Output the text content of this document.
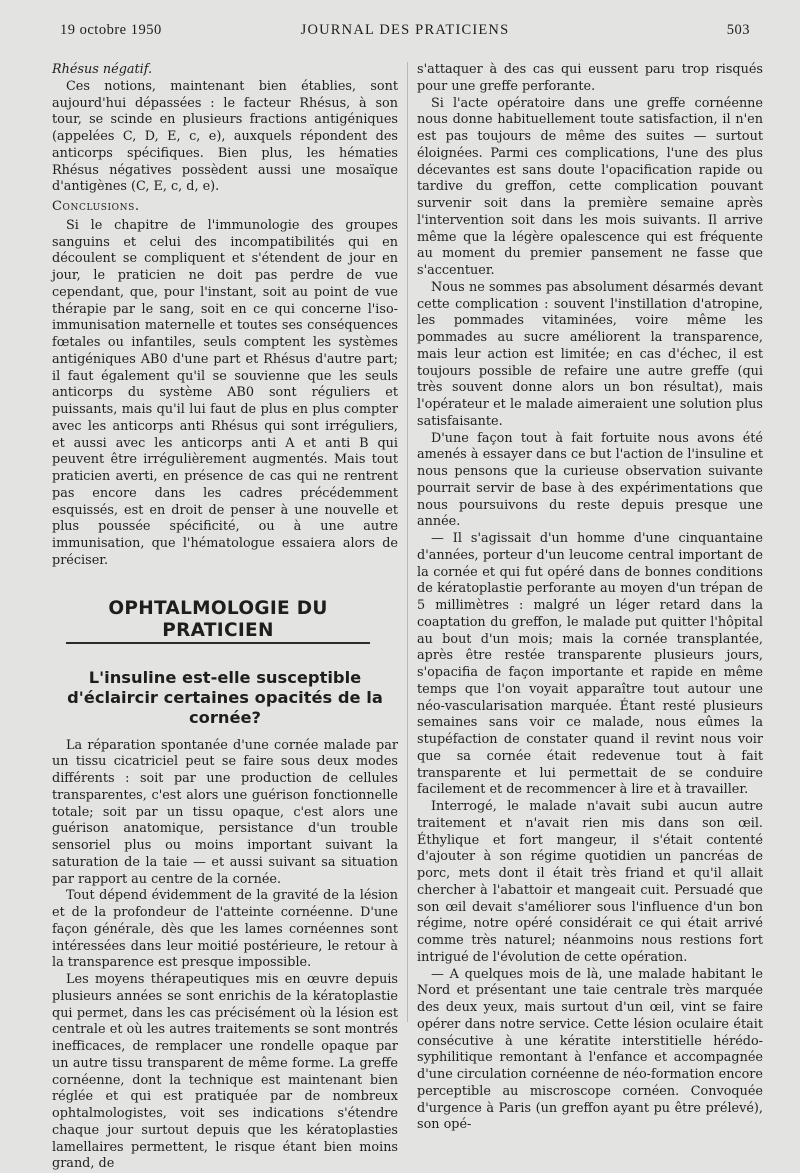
JOURNAL DES PRATICIENS
19 octobre 1950	503

Rhésus négatif.

Ces notions, maintenant bien établies, sont aujourd'hui dépassées : le facteur Rhésus, à son tour, se scinde en plusieurs fractions antigéniques (appelées C, D, E, c, e), auxquels répondent des anticorps spécifiques. Bien plus, les hématies Rhésus négatives possèdent aussi une mosaïque d'antigènes (C, E, c, d, e).

Conclusions.

Si le chapitre de l'immunologie des groupes sanguins et celui des incompatibilités qui en découlent se compliquent et s'étendent de jour en jour, le praticien ne doit pas perdre de vue cependant, que, pour l'instant, soit au point de vue thérapie par le sang, soit en ce qui concerne l'iso-immunisation maternelle et toutes ses conséquences fœtales ou infantiles, seuls comptent les systèmes antigéniques AB0 d'une part et Rhésus d'autre part; il faut également qu'il se souvienne que les seuls anticorps du système AB0 sont réguliers et puissants, mais qu'il lui faut de plus en plus compter avec les anticorps anti Rhésus qui sont irréguliers, et aussi avec les anticorps anti A et anti B qui peuvent être irrégulièrement augmentés. Mais tout praticien averti, en présence de cas qui ne rentrent pas encore dans les cadres précédemment esquissés, est en droit de penser à une nouvelle et plus poussée spécificité, ou à une autre immunisation, que l'hématologue essaiera alors de préciser.

OPHTALMOLOGIE DU PRATICIEN
L'insuline est-elle susceptible d'éclaircir certaines opacités de la cornée?

La réparation spontanée d'une cornée malade par un tissu cicatriciel peut se faire sous deux modes différents : soit par une production de cellules transparentes, c'est alors une guérison fonctionnelle totale; soit par un tissu opaque, c'est alors une guérison anatomique, persistance d'un trouble sensoriel plus ou moins important suivant la saturation de la taie — et aussi suivant sa situation par rapport au centre de la cornée.

Tout dépend évidemment de la gravité de la lésion et de la profondeur de l'atteinte cornéenne. D'une façon générale, dès que les lames cornéennes sont intéressées dans leur moitié postérieure, le retour à la transparence est presque impossible.

Les moyens thérapeutiques mis en œuvre depuis plusieurs années se sont enrichis de la kératoplastie qui permet, dans les cas précisément où la lésion est centrale et où les autres traitements se sont montrés inefficaces, de remplacer une rondelle opaque par un autre tissu transparent de même forme. La greffe cornéenne, dont la technique est maintenant bien réglée et qui est pratiquée par de nombreux ophtalmologistes, voit ses indications s'étendre chaque jour surtout depuis que les kératoplasties lamellaires permettent, le risque étant bien moins grand, de

s'attaquer à des cas qui eussent paru trop risqués pour une greffe perforante.

Si l'acte opératoire dans une greffe cornéenne nous donne habituellement toute satisfaction, il n'en est pas toujours de même des suites — surtout éloignées. Parmi ces complications, l'une des plus décevantes est sans doute l'opacification rapide ou tardive du greffon, cette complication pouvant survenir soit dans la première semaine après l'intervention soit dans les mois suivants. Il arrive même que la légère opalescence qui est fréquente au moment du premier pansement ne fasse que s'accentuer.

Nous ne sommes pas absolument désarmés devant cette complication : souvent l'instillation d'atropine, les pommades vitaminées, voire même les pommades au sucre améliorent la transparence, mais leur action est limitée; en cas d'échec, il est toujours possible de refaire une autre greffe (qui très souvent donne alors un bon résultat), mais l'opérateur et le malade aimeraient une solution plus satisfaisante.

D'une façon tout à fait fortuite nous avons été amenés à essayer dans ce but l'action de l'insuline et nous pensons que la curieuse observation suivante pourrait servir de base à des expérimentations que nous poursuivons du reste depuis presque une année.

— Il s'agissait d'un homme d'une cinquantaine d'années, porteur d'un leucome central important de la cornée et qui fut opéré dans de bonnes conditions de kératoplastie perforante au moyen d'un trépan de 5 millimètres : malgré un léger retard dans la coaptation du greffon, le malade put quitter l'hôpital au bout d'un mois; mais la cornée transplantée, après être restée transparente plusieurs jours, s'opacifia de façon importante et rapide en même temps que l'on voyait apparaître tout autour une néo-vascularisation marquée. Étant resté plusieurs semaines sans voir ce malade, nous eûmes la stupéfaction de constater quand il revint nous voir que sa cornée était redevenue tout à fait transparente et lui permettait de se conduire facilement et de recommencer à lire et à travailler.

Interrogé, le malade n'avait subi aucun autre traitement et n'avait rien mis dans son œil. Éthylique et fort mangeur, il s'était contenté d'ajouter à son régime quotidien un pancréas de porc, mets dont il était très friand et qu'il allait chercher à l'abattoir et mangeait cuit. Persuadé que son œil devait s'améliorer sous l'influence d'un bon régime, notre opéré considérait ce qui était arrivé comme très naturel; néanmoins nous restions fort intrigué de l'évolution de cette opération.

— A quelques mois de là, une malade habitant le Nord et présentant une taie centrale très marquée des deux yeux, mais surtout d'un œil, vint se faire opérer dans notre service. Cette lésion oculaire était consécutive à une kératite interstitielle hérédo-syphilitique remontant à l'enfance et accompagnée d'une circulation cornéenne de néo-formation encore perceptible au miscroscope cornéen. Convoquée d'urgence à Paris (un greffon ayant pu être prélevé), son opé-
